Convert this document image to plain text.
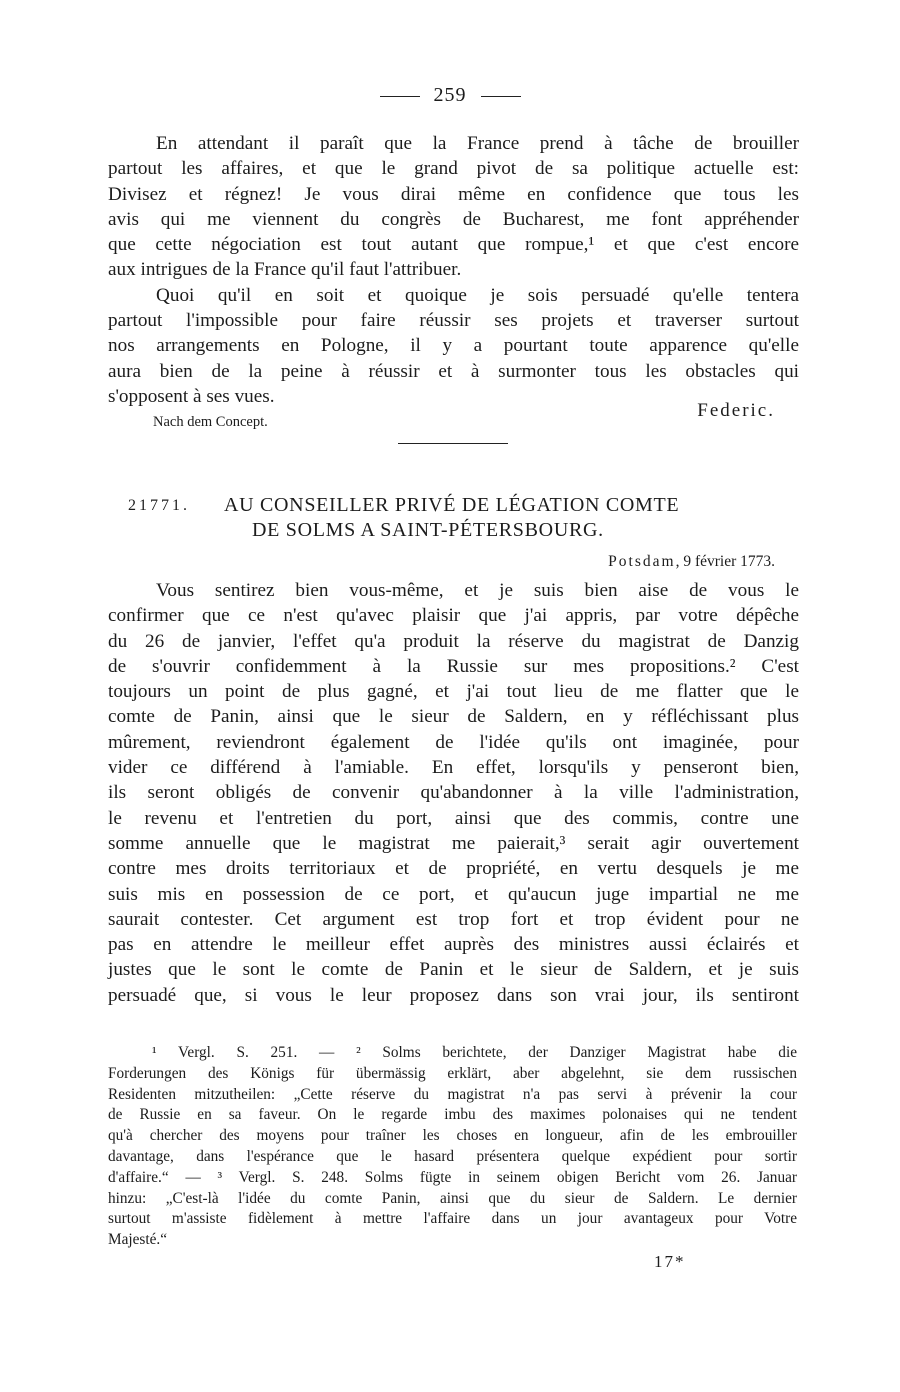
259
En attendant il paraît que la France prend à tâche de brouiller
partout les affaires, et que le grand pivot de sa politique actuelle est:
Divisez et régnez! Je vous dirai même en confidence que tous les
avis qui me viennent du congrès de Bucharest, me font appréhender
que cette négociation est tout autant que rompue,¹ et que c'est encore
aux intrigues de la France qu'il faut l'attribuer.
Quoi qu'il en soit et quoique je sois persuadé qu'elle tentera
partout l'impossible pour faire réussir ses projets et traverser surtout
nos arrangements en Pologne, il y a pourtant toute apparence qu'elle
aura bien de la peine à réussir et à surmonter tous les obstacles qui
s'opposent à ses vues.
Nach dem Concept.
Federic.
21771. AU CONSEILLER PRIVÉ DE LÉGATION COMTE
DE SOLMS A SAINT-PÉTERSBOURG.
Potsdam, 9 février 1773.
Vous sentirez bien vous-même, et je suis bien aise de vous le
confirmer que ce n'est qu'avec plaisir que j'ai appris, par votre dépêche
du 26 de janvier, l'effet qu'a produit la réserve du magistrat de Danzig
de s'ouvrir confidemment à la Russie sur mes propositions.² C'est
toujours un point de plus gagné, et j'ai tout lieu de me flatter que le
comte de Panin, ainsi que le sieur de Saldern, en y réfléchissant plus
mûrement, reviendront également de l'idée qu'ils ont imaginée, pour
vider ce différend à l'amiable. En effet, lorsqu'ils y penseront bien,
ils seront obligés de convenir qu'abandonner à la ville l'administration,
le revenu et l'entretien du port, ainsi que des commis, contre une
somme annuelle que le magistrat me paierait,³ serait agir ouvertement
contre mes droits territoriaux et de propriété, en vertu desquels je me
suis mis en possession de ce port, et qu'aucun juge impartial ne me
saurait contester. Cet argument est trop fort et trop évident pour ne
pas en attendre le meilleur effet auprès des ministres aussi éclairés et
justes que le sont le comte de Panin et le sieur de Saldern, et je suis
persuadé que, si vous le leur proposez dans son vrai jour, ils sentiront
¹ Vergl. S. 251. — ² Solms berichtete, der Danziger Magistrat habe die
Forderungen des Königs für übermässig erklärt, aber abgelehnt, sie dem russischen
Residenten mitzutheilen: „Cette réserve du magistrat n'a pas servi à prévenir la cour
de Russie en sa faveur. On le regarde imbu des maximes polonaises qui ne tendent
qu'à chercher des moyens pour traîner les choses en longueur, afin de les embrouiller
davantage, dans l'espérance que le hasard présentera quelque expédient pour sortir
d'affaire.“ — ³ Vergl. S. 248. Solms fügte in seinem obigen Bericht vom 26. Januar
hinzu: „C'est-là l'idée du comte Panin, ainsi que du sieur de Saldern. Le dernier
surtout m'assiste fidèlement à mettre l'affaire dans un jour avantageux pour Votre
Majesté.“
17*
